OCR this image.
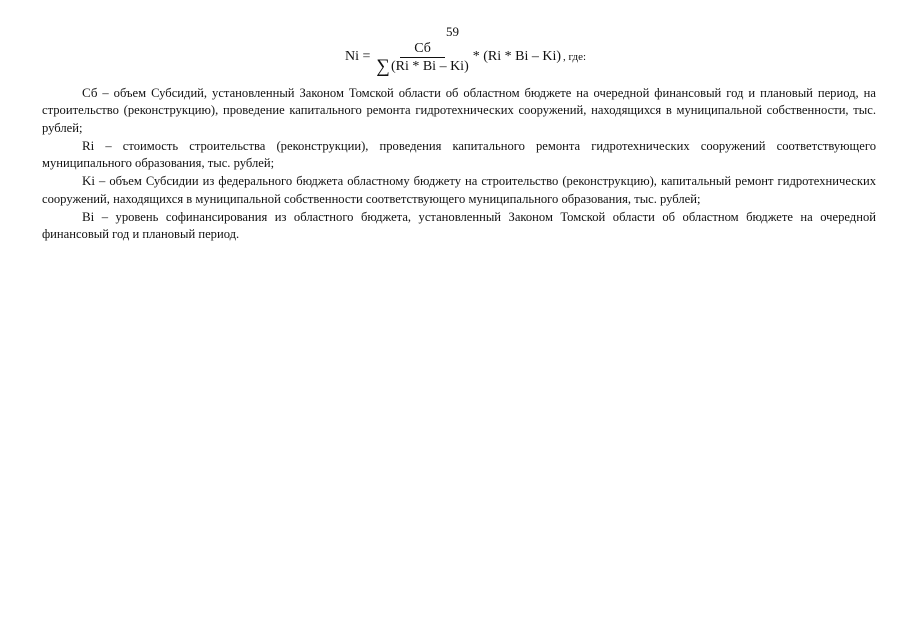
59
$Ni = \frac{Сб}{\sum (Ri * Bi - Ki)} * (Ri * Bi - Ki)$ , где:

Сб – объем Субсидий, установленный Законом Томской области об областном бюджете на очередной финансовый год и плановый период, на строительство (реконструкцию), проведение капитального ремонта гидротехнических сооружений, находящихся в муниципальной собственности, тыс. рублей;

Ri – стоимость строительства (реконструкции), проведения капитального ремонта гидротехнических сооружений соответствующего муниципального образования, тыс. рублей;

Ki – объем Субсидии из федерального бюджета областному бюджету на строительство (реконструкцию), капитальный ремонт гидротехнических сооружений, находящихся в муниципальной собственности соответствующего муниципального образования, тыс. рублей;

Bi – уровень софинансирования из областного бюджета, установленный Законом Томской области об областном бюджете на очередной финансовый год и плановый период.
